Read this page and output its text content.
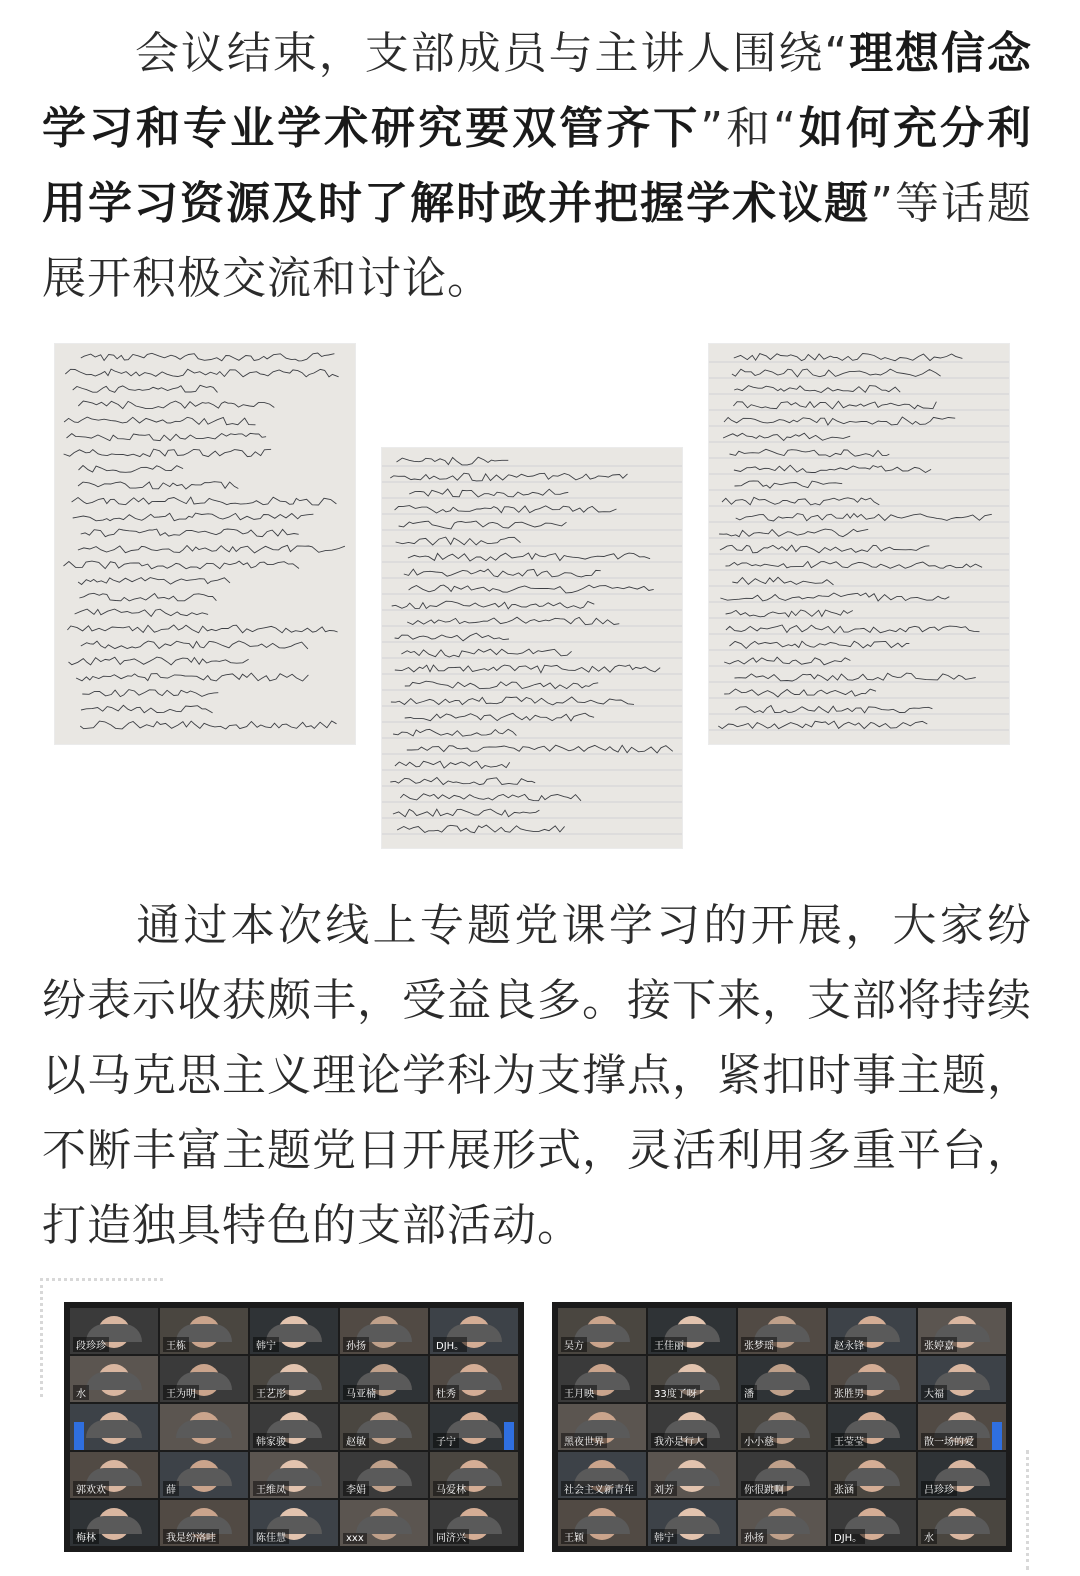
会议结束，支部成员与主讲人围绕“理想信念学习和专业学术研究要双管齐下”和“如何充分利用学习资源及时了解时政并把握学术议题”等话题展开积极交流和讨论。

通过本次线上专题党课学习的开展，大家纷纷表示收获颇丰，受益良多。接下来，支部将持续以马克思主义理论学科为支撑点，紧扣时事主题，不断丰富主题党日开展形式，灵活利用多重平台，打造独具特色的支部活动。

段珍珍	王栋	韩宁	孙扬	DJH。
水	王为明	王艺彤	马亚楠	杜秀
韩家骏	赵敏	子宁
郭欢欢	薛	王维凤	李娟	马爱林
梅林	我是纷洛哇	陈佳慧	xxx	同济兴
吴方	王佳丽	张梦瑶	赵永锋	张婷嘉
王月映	33度了呀	潘	张胜男	大福
黑夜世界	我亦是行人	小小慈	王莹莹	散一场的爱
社会主义新青年	刘芳	你很跳啊	张涵	吕珍珍
王颖	韩宁	孙扬	DJH。	水
